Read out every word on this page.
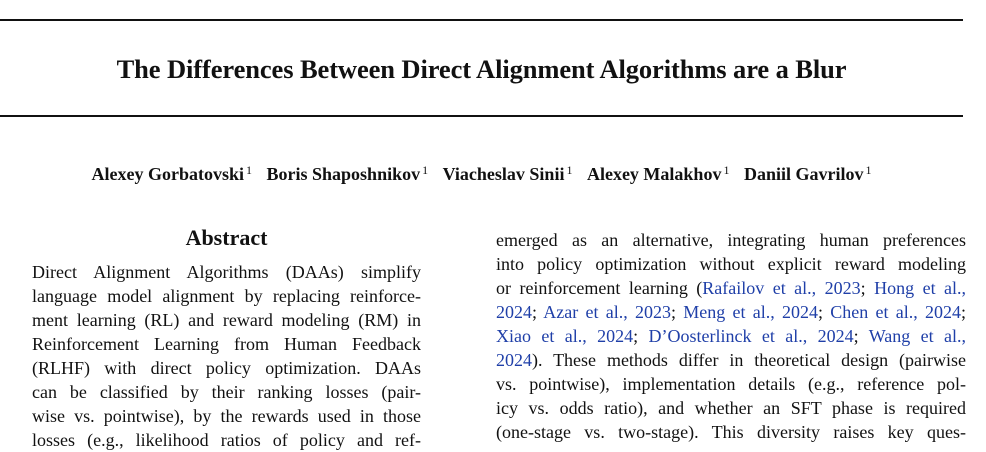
The Differences Between Direct Alignment Algorithms are a Blur
Alexey Gorbatovski $^1$ Boris Shaposhnikov $^1$ Viacheslav Sinii $^1$ Alexey Malakhov $^1$ Daniil Gavrilov $^1$
Abstract
Direct Alignment Algorithms (DAAs) simplify
language model alignment by replacing reinforce-
ment learning (RL) and reward modeling (RM) in
Reinforcement Learning from Human Feedback
(RLHF) with direct policy optimization. DAAs
can be classified by their ranking losses (pair-
wise vs. pointwise), by the rewards used in those
losses (e.g., likelihood ratios of policy and ref-
emerged as an alternative, integrating human preferences
into policy optimization without explicit reward modeling
or reinforcement learning (Rafailov et al., 2023; Hong et al.,
2024; Azar et al., 2023; Meng et al., 2024; Chen et al., 2024;
Xiao et al., 2024; D’Oosterlinck et al., 2024; Wang et al.,
2024). These methods differ in theoretical design (pairwise
vs. pointwise), implementation details (e.g., reference pol-
icy vs. odds ratio), and whether an SFT phase is required
(one-stage vs. two-stage). This diversity raises key ques-
